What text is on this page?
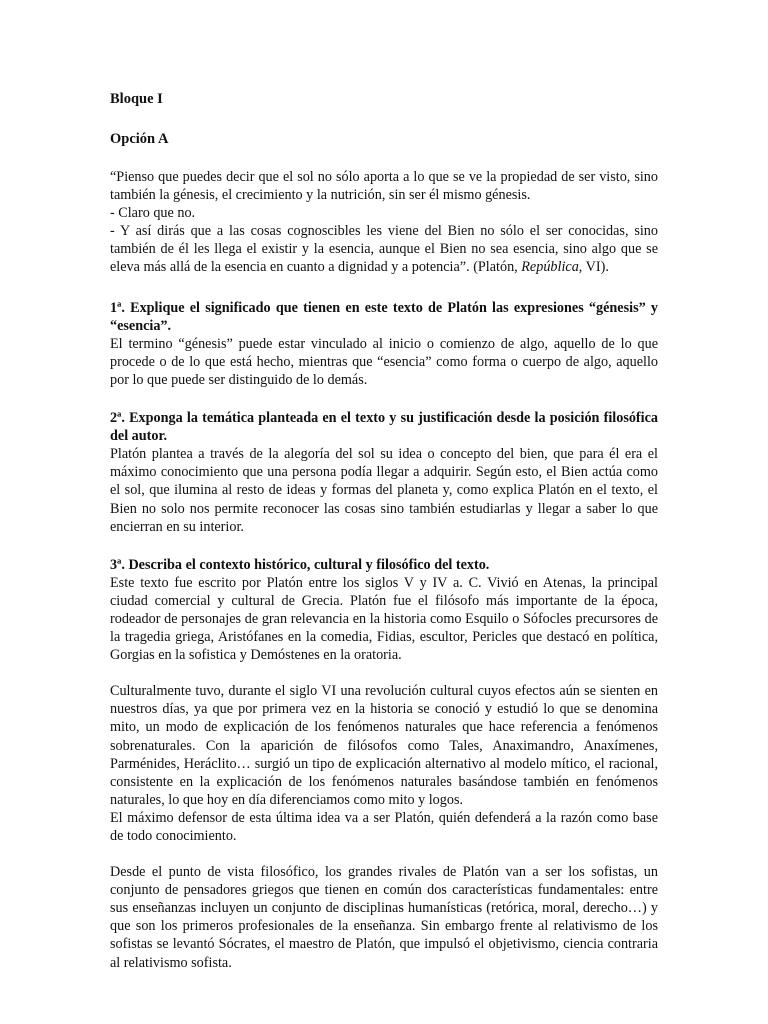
Bloque I
Opción A

“Pienso que puedes decir que el sol no sólo aporta a lo que se ve la propiedad de ser visto, sino también la génesis, el crecimiento y la nutrición, sin ser él mismo génesis.

- Claro que no.

- Y así dirás que a las cosas cognoscibles les viene del Bien no sólo el ser conocidas, sino también de él les llega el existir y la esencia, aunque el Bien no sea esencia, sino algo que se eleva más allá de la esencia en cuanto a dignidad y a potencia”. (Platón, República, VI).

1ª. Explique el significado que tienen en este texto de Platón las expresiones “génesis” y “esencia”.

El termino “génesis” puede estar vinculado al inicio o comienzo de algo, aquello de lo que procede o de lo que está hecho, mientras que “esencia” como forma o cuerpo de algo, aquello por lo que puede ser distinguido de lo demás.

2ª. Exponga la temática planteada en el texto y su justificación desde la posición filosófica del autor.

Platón plantea a través de la alegoría del sol su idea o concepto del bien, que para él era el máximo conocimiento que una persona podía llegar a adquirir. Según esto, el Bien actúa como el sol, que ilumina al resto de ideas y formas del planeta y, como explica Platón en el texto, el Bien no solo nos permite reconocer las cosas sino también estudiarlas y llegar a saber lo que encierran en su interior.

3ª. Describa el contexto histórico, cultural y filosófico del texto.

Este texto fue escrito por Platón entre los siglos V y IV a. C. Vivió en Atenas, la principal ciudad comercial y cultural de Grecia. Platón fue el filósofo más importante de la época, rodeador de personajes de gran relevancia en la historia como Esquilo o Sófocles precursores de la tragedia griega, Aristófanes en la comedia, Fidias, escultor, Pericles que destacó en política, Gorgias en la sofistica y Demóstenes en la oratoria.

Culturalmente tuvo, durante el siglo VI una revolución cultural cuyos efectos aún se sienten en nuestros días, ya que por primera vez en la historia se conoció y estudió lo que se denomina mito, un modo de explicación de los fenómenos naturales que hace referencia a fenómenos sobrenaturales. Con la aparición de filósofos como Tales, Anaximandro, Anaxímenes, Parménides, Heráclito… surgió un tipo de explicación alternativo al modelo mítico, el racional, consistente en la explicación de los fenómenos naturales basándose también en fenómenos naturales, lo que hoy en día diferenciamos como mito y logos.

El máximo defensor de esta última idea va a ser Platón, quién defenderá a la razón como base de todo conocimiento.

Desde el punto de vista filosófico, los grandes rivales de Platón van a ser los sofistas, un conjunto de pensadores griegos que tienen en común dos características fundamentales: entre sus enseñanzas incluyen un conjunto de disciplinas humanísticas (retórica, moral, derecho…) y que son los primeros profesionales de la enseñanza. Sin embargo frente al relativismo de los sofistas se levantó Sócrates, el maestro de Platón, que impulsó el objetivismo, ciencia contraria al relativismo sofista.
